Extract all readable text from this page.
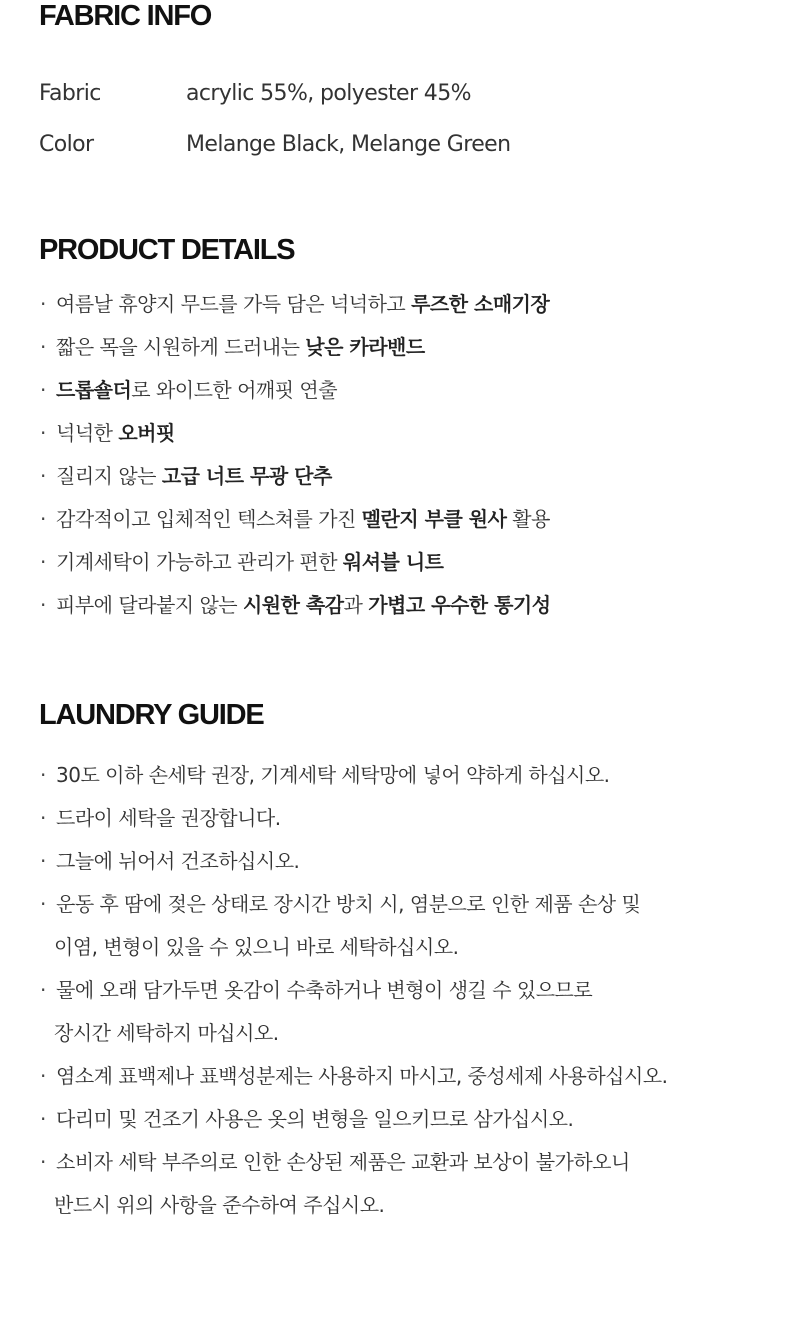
FABRIC INFO
Fabric	acrylic 55%, polyester 45%
Color	Melange Black, Melange Green
PRODUCT DETAILS
· 여름날 휴양지 무드를 가득 담은 넉넉하고 루즈한 소매기장
· 짧은 목을 시원하게 드러내는 낮은 카라밴드
· 드롭숄더로 와이드한 어깨핏 연출
· 넉넉한 오버핏
· 질리지 않는 고급 너트 무광 단추
· 감각적이고 입체적인 텍스쳐를 가진 멜란지 부클 원사 활용
· 기계세탁이 가능하고 관리가 편한 워셔블 니트
· 피부에 달라붙지 않는 시원한 촉감과 가볍고 우수한 통기성
LAUNDRY GUIDE
· 30도 이하 손세탁 권장, 기계세탁 세탁망에 넣어 약하게 하십시오.
· 드라이 세탁을 권장합니다.
· 그늘에 뉘어서 건조하십시오.
· 운동 후 땀에 젖은 상태로 장시간 방치 시, 염분으로 인한 제품 손상 및
이염, 변형이 있을 수 있으니 바로 세탁하십시오.
· 물에 오래 담가두면 옷감이 수축하거나 변형이 생길 수 있으므로
장시간 세탁하지 마십시오.
· 염소계 표백제나 표백성분제는 사용하지 마시고, 중성세제 사용하십시오.
· 다리미 및 건조기 사용은 옷의 변형을 일으키므로 삼가십시오.
· 소비자 세탁 부주의로 인한 손상된 제품은 교환과 보상이 불가하오니
반드시 위의 사항을 준수하여 주십시오.
